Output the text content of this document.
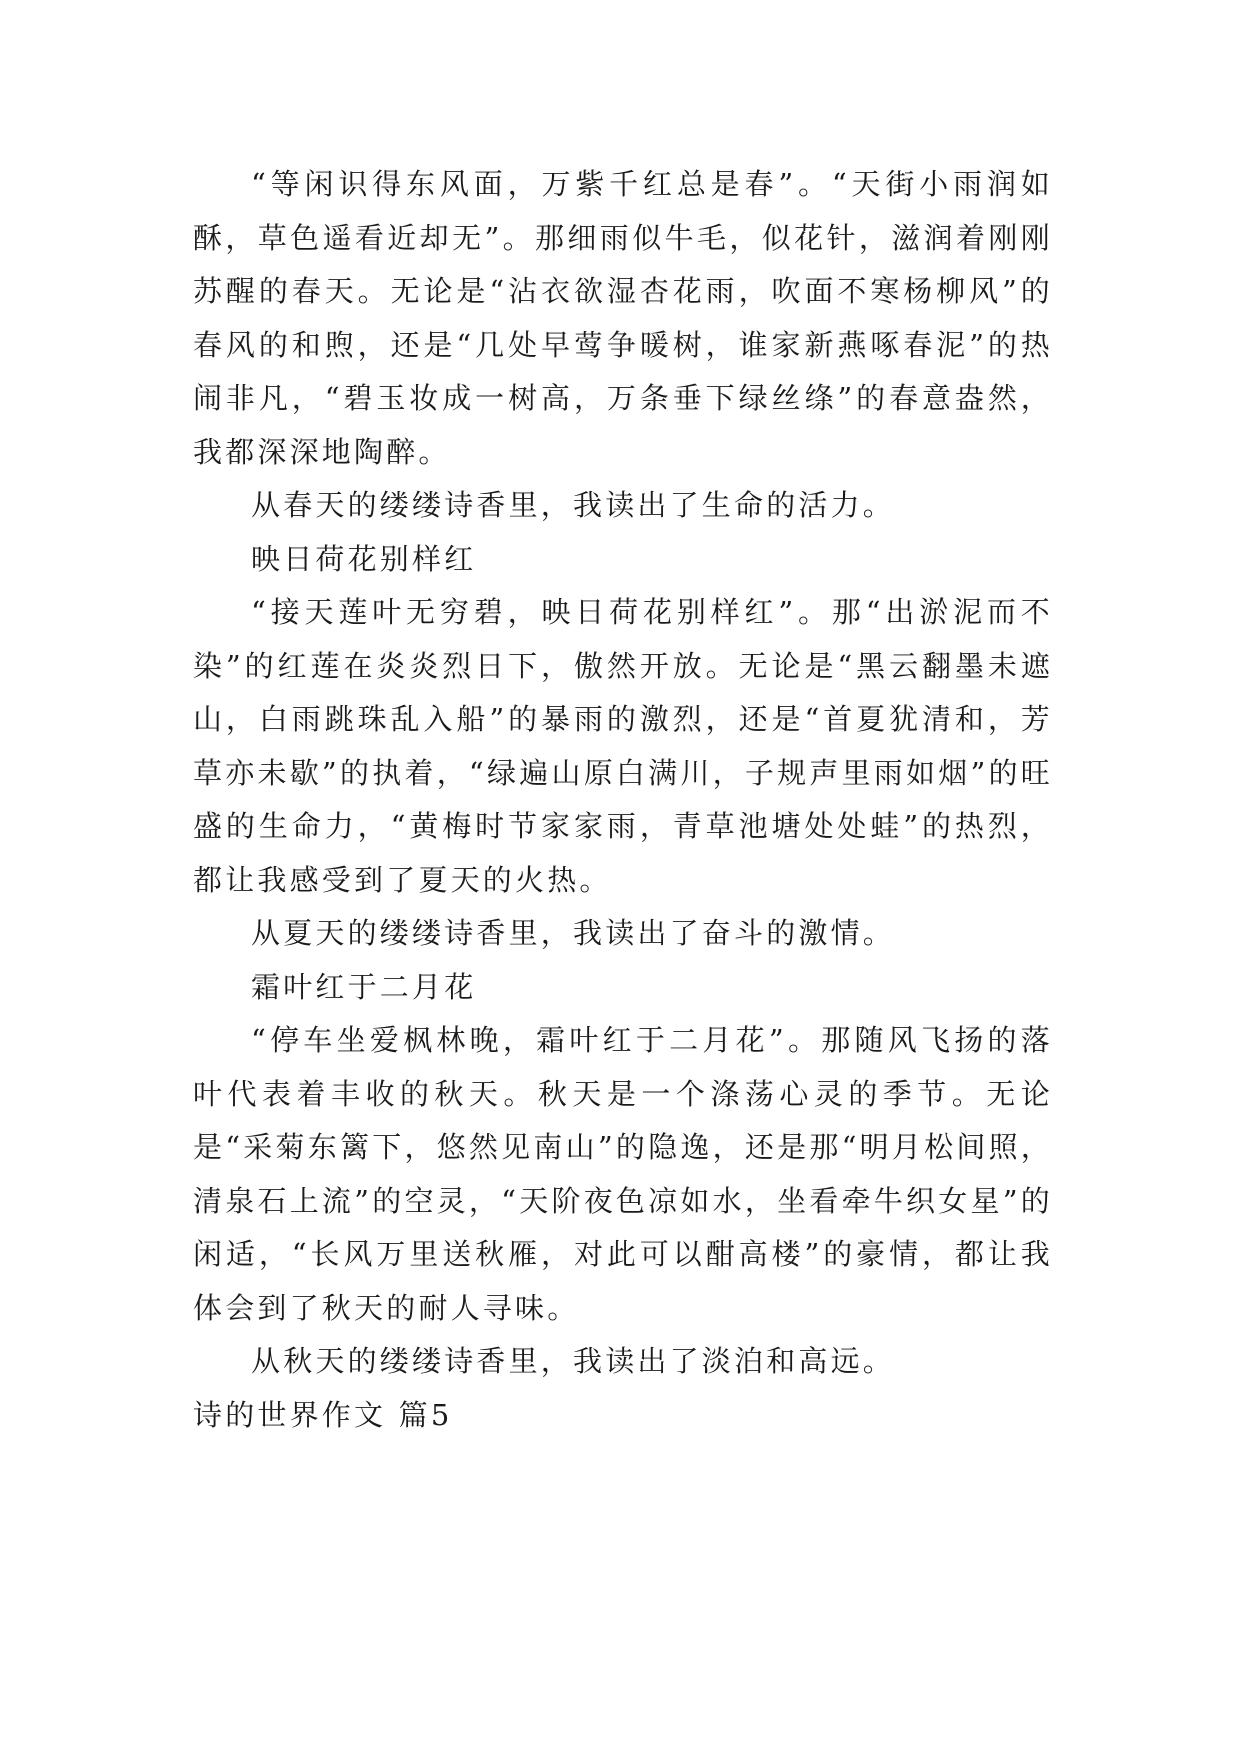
“等闲识得东风面，万紫千红总是春”。“天街小雨润如酥，草色遥看近却无”。那细雨似牛毛，似花针，滋润着刚刚苏醒的春天。无论是“沾衣欲湿杏花雨，吹面不寒杨柳风”的春风的和煦，还是“几处早莺争暖树，谁家新燕啄春泥”的热闹非凡，“碧玉妆成一树高，万条垂下绿丝绦”的春意盎然，我都深深地陶醉。

从春天的缕缕诗香里，我读出了生命的活力。

映日荷花别样红

“接天莲叶无穷碧，映日荷花别样红”。那“出淤泥而不染”的红莲在炎炎烈日下，傲然开放。无论是“黑云翻墨未遮山，白雨跳珠乱入船”的暴雨的激烈，还是“首夏犹清和，芳草亦未歇”的执着，“绿遍山原白满川，子规声里雨如烟”的旺盛的生命力，“黄梅时节家家雨，青草池塘处处蛙”的热烈，都让我感受到了夏天的火热。

从夏天的缕缕诗香里，我读出了奋斗的激情。

霜叶红于二月花

“停车坐爱枫林晚，霜叶红于二月花”。那随风飞扬的落叶代表着丰收的秋天。秋天是一个涤荡心灵的季节。无论是“采菊东篱下，悠然见南山”的隐逸，还是那“明月松间照，清泉石上流”的空灵，“天阶夜色凉如水，坐看牵牛织女星”的闲适，“长风万里送秋雁，对此可以酣高楼”的豪情，都让我体会到了秋天的耐人寻味。

从秋天的缕缕诗香里，我读出了淡泊和高远。

诗的世界作文 篇5
